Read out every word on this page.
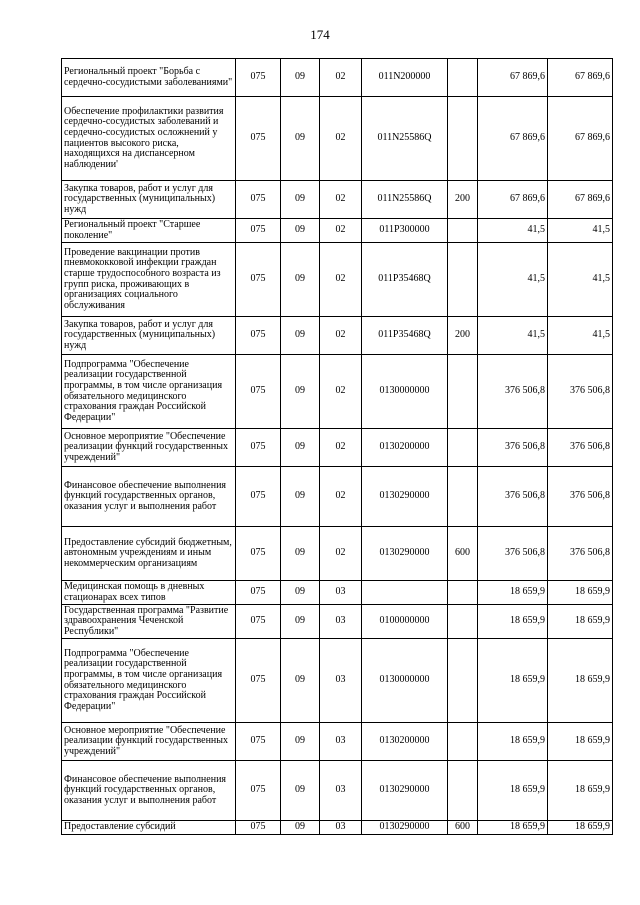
174
Региональный проект "Борьба с сердечно-сосудистыми заболеваниями"	075	09	02	011N200000		67 869,6	67 869,6
Обеспечение профилактики развития сердечно-сосудистых заболеваний и сердечно-сосудистых осложнений у пациентов высокого риска, находящихся на диспансерном наблюдении'	075	09	02	011N25586Q		67 869,6	67 869,6
Закупка товаров, работ и услуг для государственных (муниципальных) нужд	075	09	02	011N25586Q	200	67 869,6	67 869,6
Региональный проект "Старшее поколение"	075	09	02	011P300000		41,5	41,5
Проведение вакцинации против пневмококковой инфекции граждан старше трудоспособного возраста из групп риска, проживающих в организациях социального обслуживания	075	09	02	011P35468Q		41,5	41,5
Закупка товаров, работ и услуг для государственных (муниципальных) нужд	075	09	02	011P35468Q	200	41,5	41,5
Подпрограмма "Обеспечение реализации государственной программы, в том числе организация обязательного медицинского страхования граждан Российской Федерации"	075	09	02	0130000000		376 506,8	376 506,8
Основное мероприятие "Обеспечение реализации функций государственных учреждений"	075	09	02	0130200000		376 506,8	376 506,8
Финансовое обеспечение выполнения функций государственных органов, оказания услуг и выполнения работ	075	09	02	0130290000		376 506,8	376 506,8
Предоставление субсидий бюджетным, автономным учреждениям и иным некоммерческим организациям	075	09	02	0130290000	600	376 506,8	376 506,8
Медицинская помощь в дневных стационарах всех типов	075	09	03			18 659,9	18 659,9
Государственная программа "Развитие здравоохранения Чеченской Республики"	075	09	03	0100000000		18 659,9	18 659,9
Подпрограмма "Обеспечение реализации государственной программы, в том числе организация обязательного медицинского страхования граждан Российской Федерации"	075	09	03	0130000000		18 659,9	18 659,9
Основное мероприятие "Обеспечение реализации функций государственных учреждений"	075	09	03	0130200000		18 659,9	18 659,9
Финансовое обеспечение выполнения функций государственных органов, оказания услуг и выполнения работ	075	09	03	0130290000		18 659,9	18 659,9
Предоставление субсидий	075	09	03	0130290000	600	18 659,9	18 659,9
